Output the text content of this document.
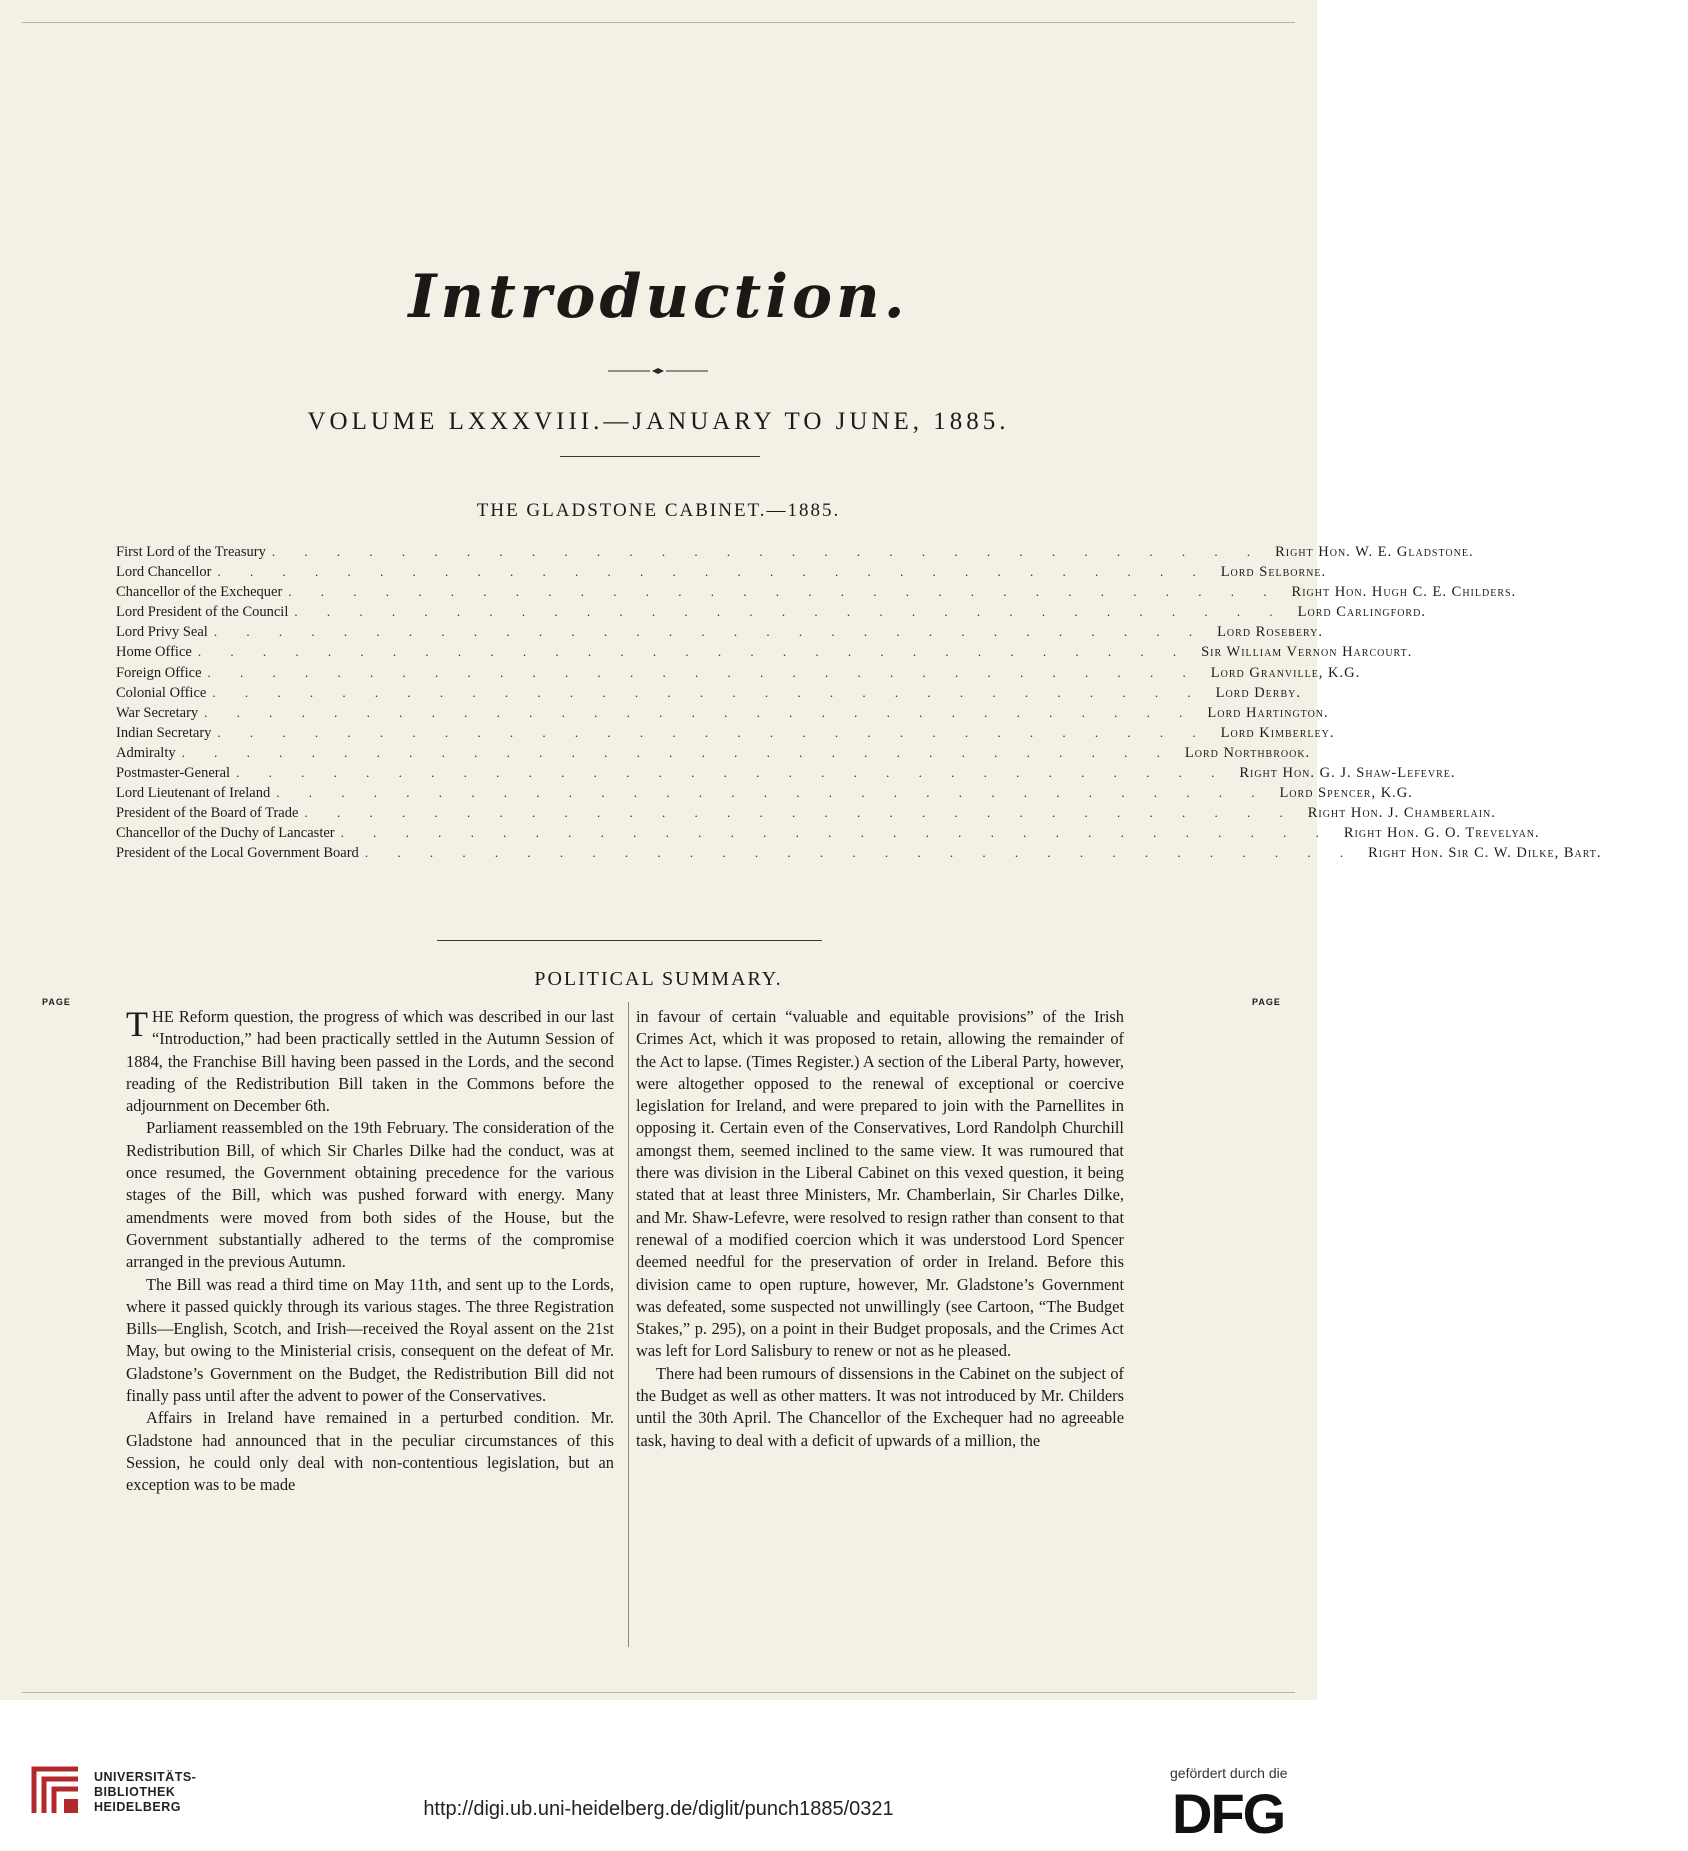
Introduction.
VOLUME LXXXVIII.—JANUARY TO JUNE, 1885.
THE GLADSTONE CABINET.—1885.
First Lord of the Treasury . . . . . . . . . . . . . . . . . . . . . . . . . . . . . . . Right Hon. W. E. Gladstone.
Lord Chancellor . . . . . . . . . . . . . . . . . . . . . . . . . . . . . . . Lord Selborne.
Chancellor of the Exchequer . . . . . . . . . . . . . . . . . . . . . . . . . . . . . . . Right Hon. Hugh C. E. Childers.
Lord President of the Council . . . . . . . . . . . . . . . . . . . . . . . . . . . . . . . Lord Carlingford.
Lord Privy Seal . . . . . . . . . . . . . . . . . . . . . . . . . . . . . . . Lord Rosebery.
Home Office . . . . . . . . . . . . . . . . . . . . . . . . . . . . . . . Sir William Vernon Harcourt.
Foreign Office . . . . . . . . . . . . . . . . . . . . . . . . . . . . . . . Lord Granville, K.G.
Colonial Office . . . . . . . . . . . . . . . . . . . . . . . . . . . . . . . Lord Derby.
War Secretary . . . . . . . . . . . . . . . . . . . . . . . . . . . . . . . Lord Hartington.
Indian Secretary . . . . . . . . . . . . . . . . . . . . . . . . . . . . . . . Lord Kimberley.
Admiralty . . . . . . . . . . . . . . . . . . . . . . . . . . . . . . . Lord Northbrook.
Postmaster-General . . . . . . . . . . . . . . . . . . . . . . . . . . . . . . . Right Hon. G. J. Shaw-Lefevre.
Lord Lieutenant of Ireland . . . . . . . . . . . . . . . . . . . . . . . . . . . . . . . Lord Spencer, K.G.
President of the Board of Trade . . . . . . . . . . . . . . . . . . . . . . . . . . . . . . . Right Hon. J. Chamberlain.
Chancellor of the Duchy of Lancaster . . . . . . . . . . . . . . . . . . . . . . . . . . . . . . . Right Hon. G. O. Trevelyan.
President of the Local Government Board . . . . . . . . . . . . . . . . . . . . . . . . . . . . . . . Right Hon. Sir C. W. Dilke, Bart.
POLITICAL SUMMARY.
PAGE	PAGE

THE Reform question, the progress of which was described in our last “Introduction,” had been practically settled in the Autumn Session of 1884, the Franchise Bill having been passed in the Lords, and the second reading of the Redistribution Bill taken in the Commons before the adjournment on December 6th.

Parliament reassembled on the 19th February. The consideration of the Redistribution Bill, of which Sir Charles Dilke had the conduct, was at once resumed, the Government obtaining precedence for the various stages of the Bill, which was pushed forward with energy. Many amendments were moved from both sides of the House, but the Government substantially adhered to the terms of the compromise arranged in the previous Autumn.

The Bill was read a third time on May 11th, and sent up to the Lords, where it passed quickly through its various stages. The three Registration Bills—English, Scotch, and Irish—received the Royal assent on the 21st May, but owing to the Ministerial crisis, consequent on the defeat of Mr. Gladstone’s Government on the Budget, the Redistribution Bill did not finally pass until after the advent to power of the Conservatives.

Affairs in Ireland have remained in a perturbed condition. Mr. Gladstone had announced that in the peculiar circumstances of this Session, he could only deal with non-contentious legislation, but an exception was to be made

in favour of certain “valuable and equitable provisions” of the Irish Crimes Act, which it was proposed to retain, allowing the remainder of the Act to lapse. (Times Register.) A section of the Liberal Party, however, were altogether opposed to the renewal of exceptional or coercive legislation for Ireland, and were prepared to join with the Parnellites in opposing it. Certain even of the Conservatives, Lord Randolph Churchill amongst them, seemed inclined to the same view. It was rumoured that there was division in the Liberal Cabinet on this vexed question, it being stated that at least three Ministers, Mr. Chamberlain, Sir Charles Dilke, and Mr. Shaw-Lefevre, were resolved to resign rather than consent to that renewal of a modified coercion which it was understood Lord Spencer deemed needful for the preservation of order in Ireland. Before this division came to open rupture, however, Mr. Gladstone’s Government was defeated, some suspected not unwillingly (see Cartoon, “The Budget Stakes,” p. 295), on a point in their Budget proposals, and the Crimes Act was left for Lord Salisbury to renew or not as he pleased.

There had been rumours of dissensions in the Cabinet on the subject of the Budget as well as other matters. It was not introduced by Mr. Childers until the 30th April. The Chancellor of the Exchequer had no agreeable task, having to deal with a deficit of upwards of a million, the

UNIVERSITÄTS-
BIBLIOTHEK
HEIDELBERG	http://digi.ub.uni-heidelberg.de/diglit/punch1885/0321
gefördert durch die
DFG
